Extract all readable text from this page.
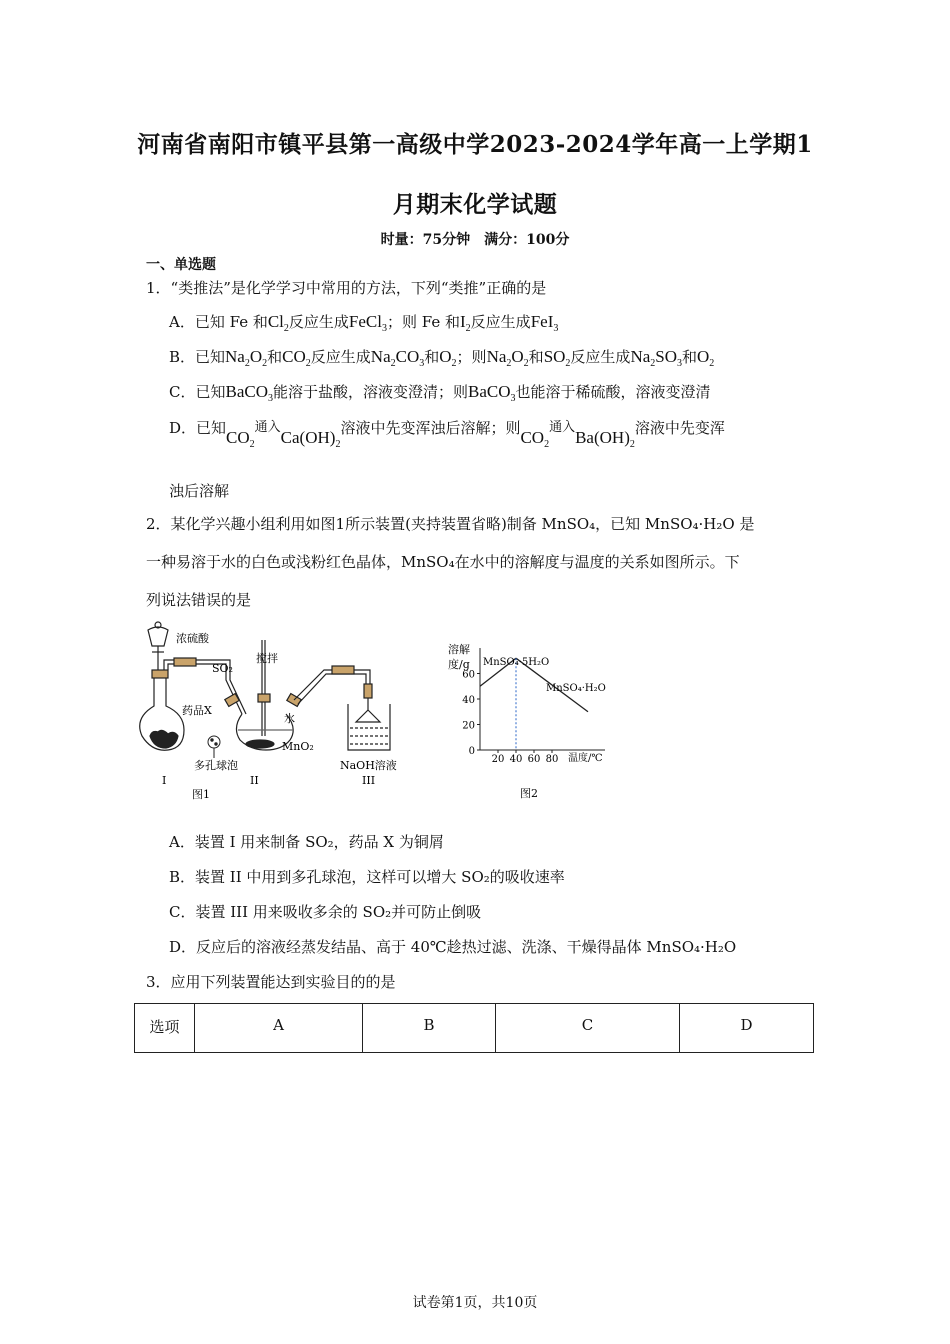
河南省南阳市镇平县第一高级中学2023-2024学年高一上学期1
月期末化学试题
时量：75分钟　满分：100分
一、单选题
1．“类推法”是化学学习中常用的方法，下列“类推”正确的是
A．已知 Fe 和$Cl_2$反应生成FeCl$_3$；则 Fe 和$I_2$反应生成FeI$_3$
B．已知$Na_2O_2$和$CO_2$反应生成$Na_2CO_3$和$O_2$；则$Na_2O_2$和$SO_2$反应生成$Na_2SO_3$和$O_2$
C．已知BaCO$_3$能溶于盐酸，溶液变澄清；则BaCO$_3$也能溶于稀硫酸，溶液变澄清
D．已知$CO_2$通入$Ca(OH)_2$溶液中先变浑浊后溶解；则$CO_2$通入$Ba(OH)_2$溶液中先变浑
浊后溶解
2．某化学兴趣小组利用如图1所示装置(夹持装置省略)制备 MnSO₄，已知 MnSO₄·H₂O 是
一种易溶于水的白色或浅粉红色晶体，MnSO₄在水中的溶解度与温度的关系如图所示。下
列说法错误的是
浓硫酸
药品X
SO₂
搅拌
水
MnO₂
多孔球泡	NaOH溶液
I	II	III
图1
溶解
度/g
0
20
40
60
20 40 60 80 温度/℃
MnSO₄·5H₂O
MnSO₄·H₂O
图2
A．装置 I 用来制备 SO₂，药品 X 为铜屑
B．装置 II 中用到多孔球泡，这样可以增大 SO₂的吸收速率
C．装置 III 用来吸收多余的 SO₂并可防止倒吸
D．反应后的溶液经蒸发结晶、高于 40℃趁热过滤、洗涤、干燥得晶体 MnSO₄·H₂O
3．应用下列装置能达到实验目的的是
选项	A	B	C	D
试卷第1页，共10页
